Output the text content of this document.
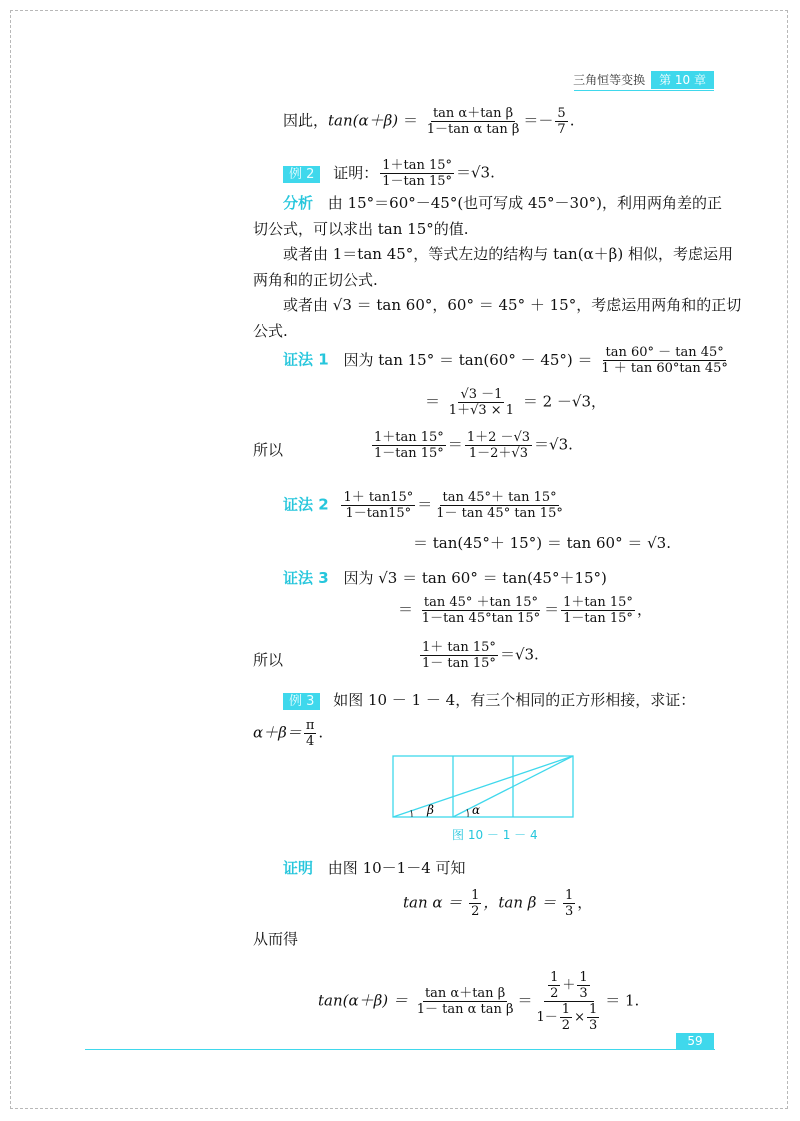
三角恒等变换	第 10 章
因此，$\tan(\alpha+\beta) = \frac{\text{tan α＋tan β}}{\text{1－tan α tan β}} =- \frac{5}{7}$ .
例 2 证明： $\frac{1+\tan 15^\circ}{1-\tan 15^\circ} =√3$.
分析 由 15°＝60°－45°(也可写成 45°－30°)，利用两角差的正
切公式，可以求出 tan 15°的值.
或者由 1＝tan 45°，等式左边的结构与 tan(α＋β) 相似，考虑运用
两角和的正切公式.
或者由 √3 ＝ tan 60°，60° ＝ 45° ＋ 15°，考虑运用两角和的正切
公式.
证法 1 因为 $\tan 15^\circ = \tan(60^\circ - 45^\circ) = \frac{\tan 60^\circ - \tan 45^\circ}{1 + \tan 60^\circ\tan 45^\circ}$
＝ $\frac{√3 -1}{1+√3 \times 1} = 2 -√3$，
所以	$\frac{1+\tan 15^\circ}{1-\tan 15^\circ} = \frac{1+2 -√3}{1-2+√3} =√3$.
证法 $2 \frac{1+ \tan 15^\circ}{1-\tan 15^\circ} = \frac{\tan 45^\circ+ \tan 15^\circ}{1- \tan 45^\circ \tan 15^\circ}$
＝ tan(45°＋ 15°) ＝ tan 60° ＝ √3.
证法 3 因为 √3 ＝ tan 60° ＝ tan(45°＋15°)
＝ $\frac{\tan 45^\circ +\tan 15^\circ}{1-\tan 45^\circ\tan 15^\circ} = \frac{1+\tan 15^\circ}{1-\tan 15^\circ}$ ，
所以	$\frac{1+ \tan 15^\circ}{1- \tan 15^\circ} =√3$.
例 3 如图 10 － 1 － 4，有三个相同的正方形相接，求证：
$\alpha+\beta= \frac{\pi}{4}$ .
β	α
图 10 － 1 － 4
证明 由图 10－1－4 可知
$\tan \alpha = \frac{1}{2}$ ，$\tan \beta = \frac{1}{3}$ ，
从而得
$\tan(\alpha+\beta) = \frac{\text{tan α＋tan β}}{\text{1－ tan α tan β}} = \frac{\frac{1}{2} + \frac{1}{3}}{1- \frac{1}{2} \times \frac{1}{3}} = 1$.
59
